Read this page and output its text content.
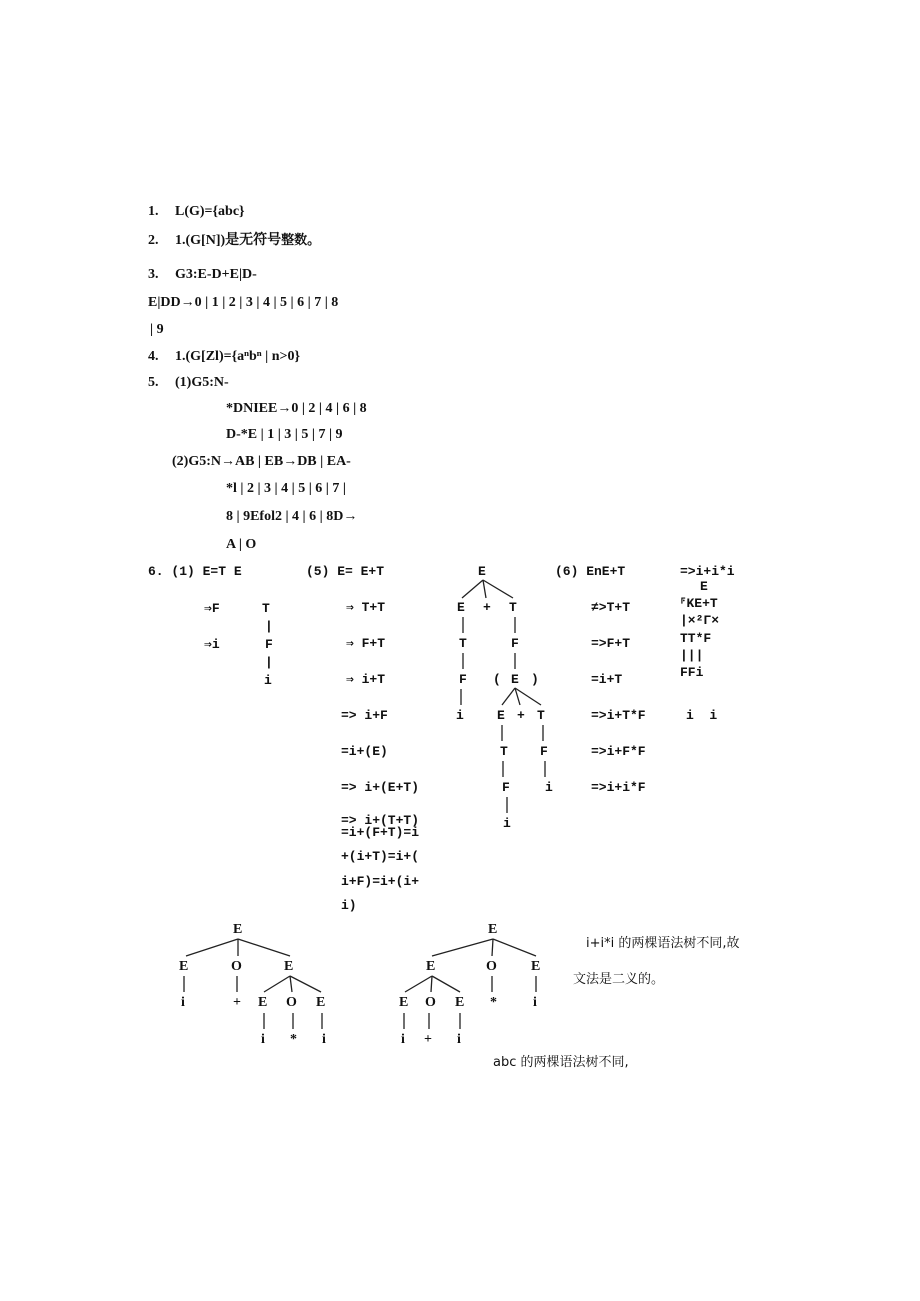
1. L(G)={abc}
2. 1.(G[N])是无符号整数。
3. G3:E-D+E|D-
E|DD→0 | 1 | 2 | 3 | 4 | 5 | 6 | 7 | 8
| 9
4. 1.(G[Zl)={aⁿbⁿ | n>0}
5. (1)G5:N-
*DNIEE→0 | 2 | 4 | 6 | 8
D-*E | 1 | 3 | 5 | 7 | 9
(2)G5:N→AB | EB→DB | EA-
*l | 2 | 3 | 4 | 5 | 6 | 7 |
8 | 9Efol2 | 4 | 6 | 8D→
A | O
6. (1) E=T E
⇒F
⇒i
T
|
F
|
i
(5) E= E+T
⇒ T+T
⇒ F+T
⇒ i+T
=> i+F
=i+(E)
=> i+(E+T)
=> i+(T+T)
=i+(F+T)=i
+(i+T)=i+(
i+F)=i+(i+
i)
E
E + T
T
F
i
F
( E )
E + T
T F
F	i
i
(6) EnE+T
≠>T+T
=>F+T
=i+T
=>i+T*F
=>i+F*F
=>i+i*F
=>i+i*i
E
⸁KE+T
|×²Γ×
TT*F
|||
FFi
i  i
E
E	O	E
i	+ E O E
i * i
E
E	O E
E O E *	i
i + i
i+i*i 的两棵语法树不同,故
文法是二义的。
abc 的两棵语法树不同,
